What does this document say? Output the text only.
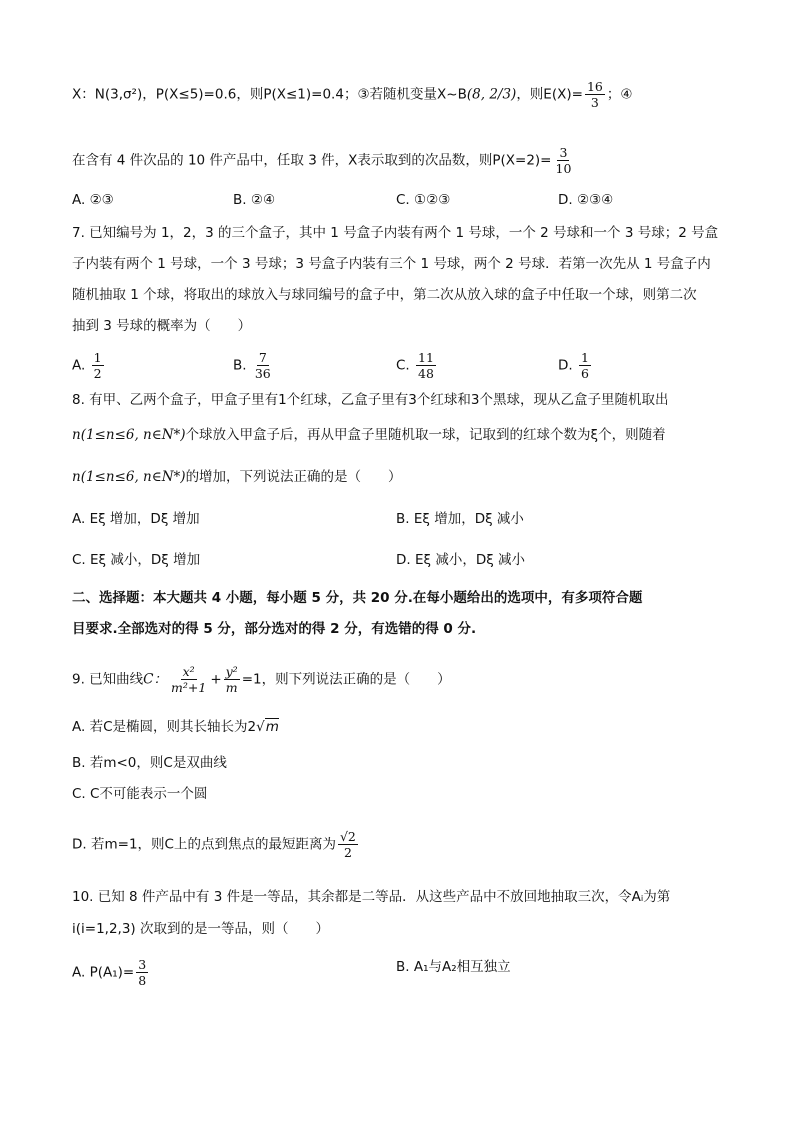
X：N(3,σ²)，P(X≤5)=0.6，则P(X≤1)=0.4；③若随机变量X~B(8, 2/3)，则$E(X)= \frac{16}{3}$ ；④
在含有 4 件次品的 10 件产品中，任取 3 件，X表示取到的次品数，则$P(X=2)= \frac{3}{10}$
A. ②③	B. ②④	C. ①②③	D. ②③④
7. 已知编号为 1，2，3 的三个盒子，其中 1 号盒子内装有两个 1 号球，一个 2 号球和一个 3 号球；2 号盒
子内装有两个 1 号球，一个 3 号球；3 号盒子内装有三个 1 号球，两个 2 号球．若第一次先从 1 号盒子内
随机抽取 1 个球，将取出的球放入与球同编号的盒子中，第二次从放入球的盒子中任取一个球，则第二次
抽到 3 号球的概率为（　　）
A. $\frac{1}{2}$	B. $\frac{7}{36}$	C. $\frac{11}{48}$	D. $\frac{1}{6}$
8. 有甲、乙两个盒子，甲盒子里有1个红球，乙盒子里有3个红球和3个黑球，现从乙盒子里随机取出
n(1≤n≤6, n∈N*)个球放入甲盒子后，再从甲盒子里随机取一球，记取到的红球个数为ξ个，则随着
n(1≤n≤6, n∈N*)的增加，下列说法正确的是（　　）
A. Eξ 增加，Dξ 增加	B. Eξ 增加，Dξ 减小
C. Eξ 减小，Dξ 增加	D. Eξ 减小，Dξ 减小
二、选择题：本大题共 4 小题，每小题 5 分，共 20 分.在每小题给出的选项中，有多项符合题
目要求.全部选对的得 5 分，部分选对的得 2 分，有选错的得 0 分.
9. 已知曲线C： $\frac{\text{x²}}{\text{m²+1}} + \frac{\text{y²}}{m} =1$，则下列说法正确的是（　　）
A. 若C是椭圆，则其长轴长为2√m
B. 若m<0，则C是双曲线
C. C不可能表示一个圆
D. 若m=1，则C上的点到焦点的最短距离为 $\frac{√2}{2}$
10. 已知 8 件产品中有 3 件是一等品，其余都是二等品．从这些产品中不放回地抽取三次，令Aᵢ为第
i(i=1,2,3) 次取到的是一等品，则（　　）
A. $P(A_1)= \frac{3}{8}$	B. A₁与A₂相互独立
